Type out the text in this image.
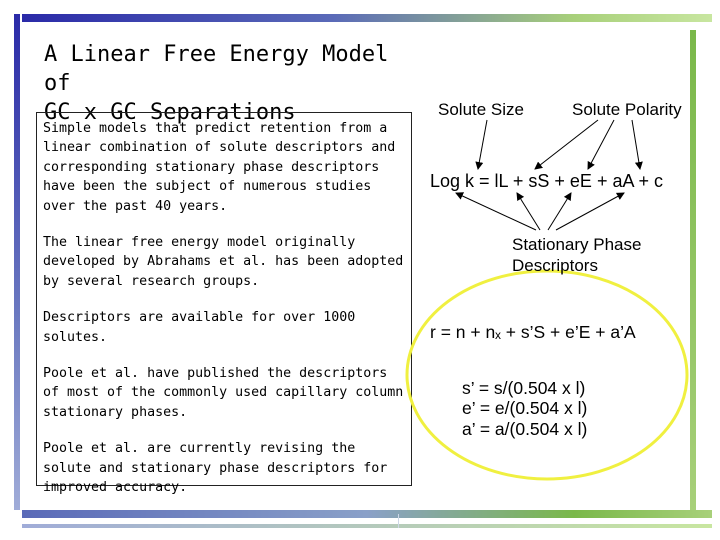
A Linear Free Energy Model of
GC x GC Separations

Simple models that predict retention from a linear combination of solute descriptors and corresponding stationary phase descriptors have been the subject of numerous studies over the past 40 years.

The linear free energy model originally developed by Abrahams et al. has been adopted by several research groups.

Descriptors are available for over 1000 solutes.

Poole et al. have published the descriptors of most of the commonly used capillary column stationary phases.

Poole et al. are currently revising the solute and stationary phase descriptors for improved accuracy.

Solute Size	Solute Polarity
Log k = lL + sS + eE + aA + c
Stationary Phase
Descriptors
r = n + nₓ + s’S + e’E + a’A
s’ = s/(0.504 x l)
e’ = e/(0.504 x l)
a’ = a/(0.504 x l)
